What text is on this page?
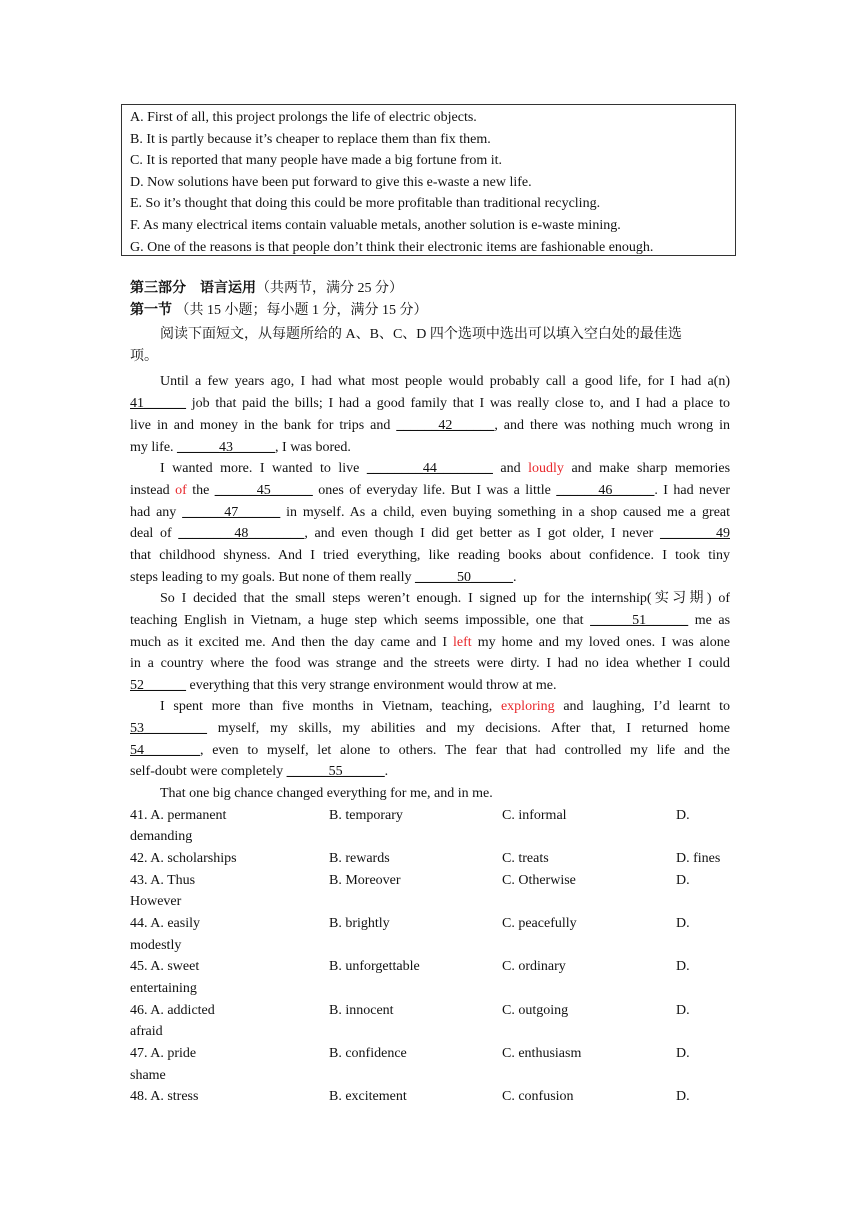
A. First of all, this project prolongs the life of electric objects.
B. It is partly because it’s cheaper to replace them than fix them.
C. It is reported that many people have made a big fortune from it.
D. Now solutions have been put forward to give this e-waste a new life.
E. So it’s thought that doing this could be more profitable than traditional recycling.
F. As many electrical items contain valuable metals, another solution is e-waste mining.
G. One of the reasons is that people don’t think their electronic items are fashionable enough.
第三部分　语言运用（共两节，满分 25 分）
第一节 （共 15 小题；每小题 1 分，满分 15 分）
阅读下面短文，从每题所给的 A、B、C、D 四个选项中选出可以填入空白处的最佳选
项。
Until a few years ago, I had what most people would probably call a good life, for I had a(n)
41______ job that paid the bills; I had a good family that I was really close to, and I had a place to
live in and money in the bank for trips and ______42______, and there was nothing much wrong in
my life. ______43______, I was bored.
I wanted more. I wanted to live ________44________ and loudly and make sharp memories
instead of the ______45______ ones of everyday life. But I was a little ______46______. I had never
had any ______47______ in myself. As a child, even buying something in a shop caused me a great
deal of ________48________, and even though I did get better as I got older, I never ________49
that childhood shyness. And I tried everything, like reading books about confidence. I took tiny
steps leading to my goals. But none of them really ______50______.
So I decided that the small steps weren’t enough. I signed up for the internship(实习期) of
teaching English in Vietnam, a huge step which seems impossible, one that ______51______ me as
much as it excited me. And then the day came and I left my home and my loved ones. I was alone
in a country where the food was strange and the streets were dirty. I had no idea whether I could
52______ everything that this very strange environment would throw at me.
I spent more than five months in Vietnam, teaching, exploring and laughing, I’d learnt to
53_________ myself, my skills, my abilities and my decisions. After that, I returned home
54________, even to myself, let alone to others. The fear that had controlled my life and the
self-doubt were completely ______55______.
That one big chance changed everything for me, and in me.
41. A. permanent	B. temporary	C. informal	D.
demanding
42. A. scholarships	B. rewards	C. treats	D. fines
43. A. Thus	B. Moreover	C. Otherwise	D.
However
44. A. easily	B. brightly	C. peacefully	D.
modestly
45. A. sweet	B. unforgettable	C. ordinary	D.
entertaining
46. A. addicted	B. innocent	C. outgoing	D.
afraid
47. A. pride	B. confidence	C. enthusiasm	D.
shame
48. A. stress	B. excitement	C. confusion	D.
